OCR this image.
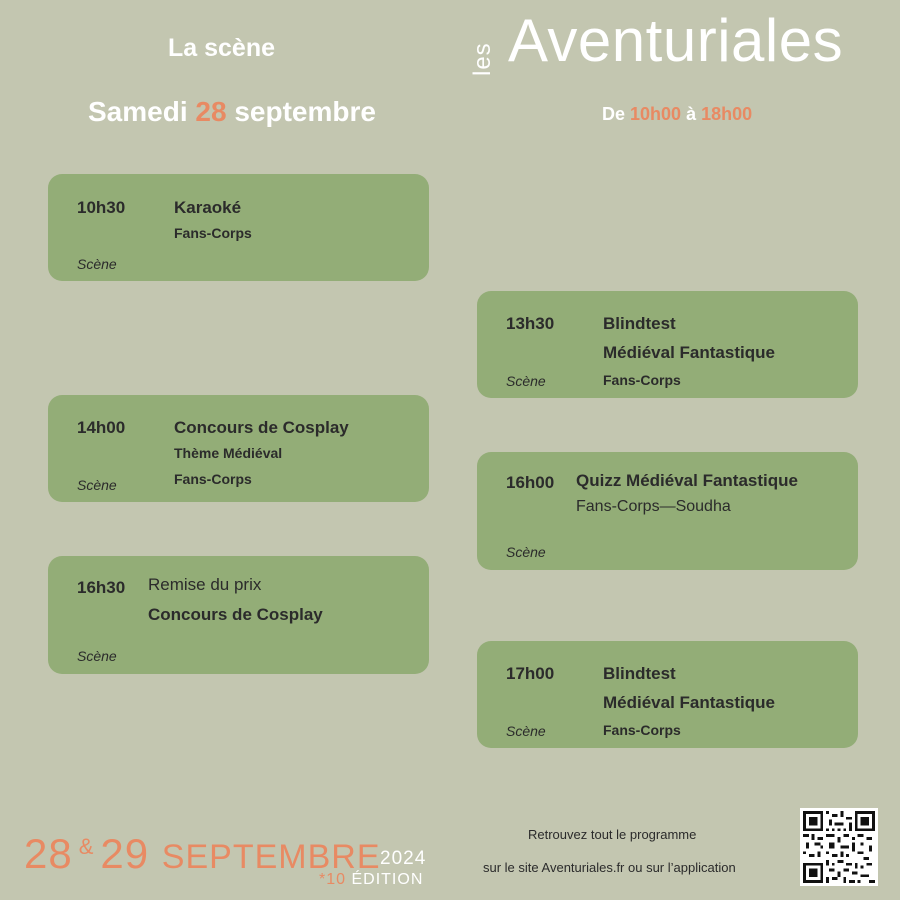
La scène
Samedi 28 septembre	De 10h00 à 18h00
les Aventuriales
10h30	Karaoké
Fans-Corps
Scène
14h00	Concours de Cosplay
Thème Médiéval
Fans-Corps
Scène
16h30 Remise du prix
Concours de Cosplay
Scène
13h30	Blindtest
Médiéval Fantastique
Fans-Corps
Scène
16h00 Quizz Médiéval Fantastique
Fans-Corps—Soudha
Scène
17h00	Blindtest
Médiéval Fantastique
Fans-Corps
Scène
28 & 29 SEPTEMBRE 2024
*10 ÉDITION
Retrouvez tout le programme
sur le site Aventuriales.fr ou sur l’application
